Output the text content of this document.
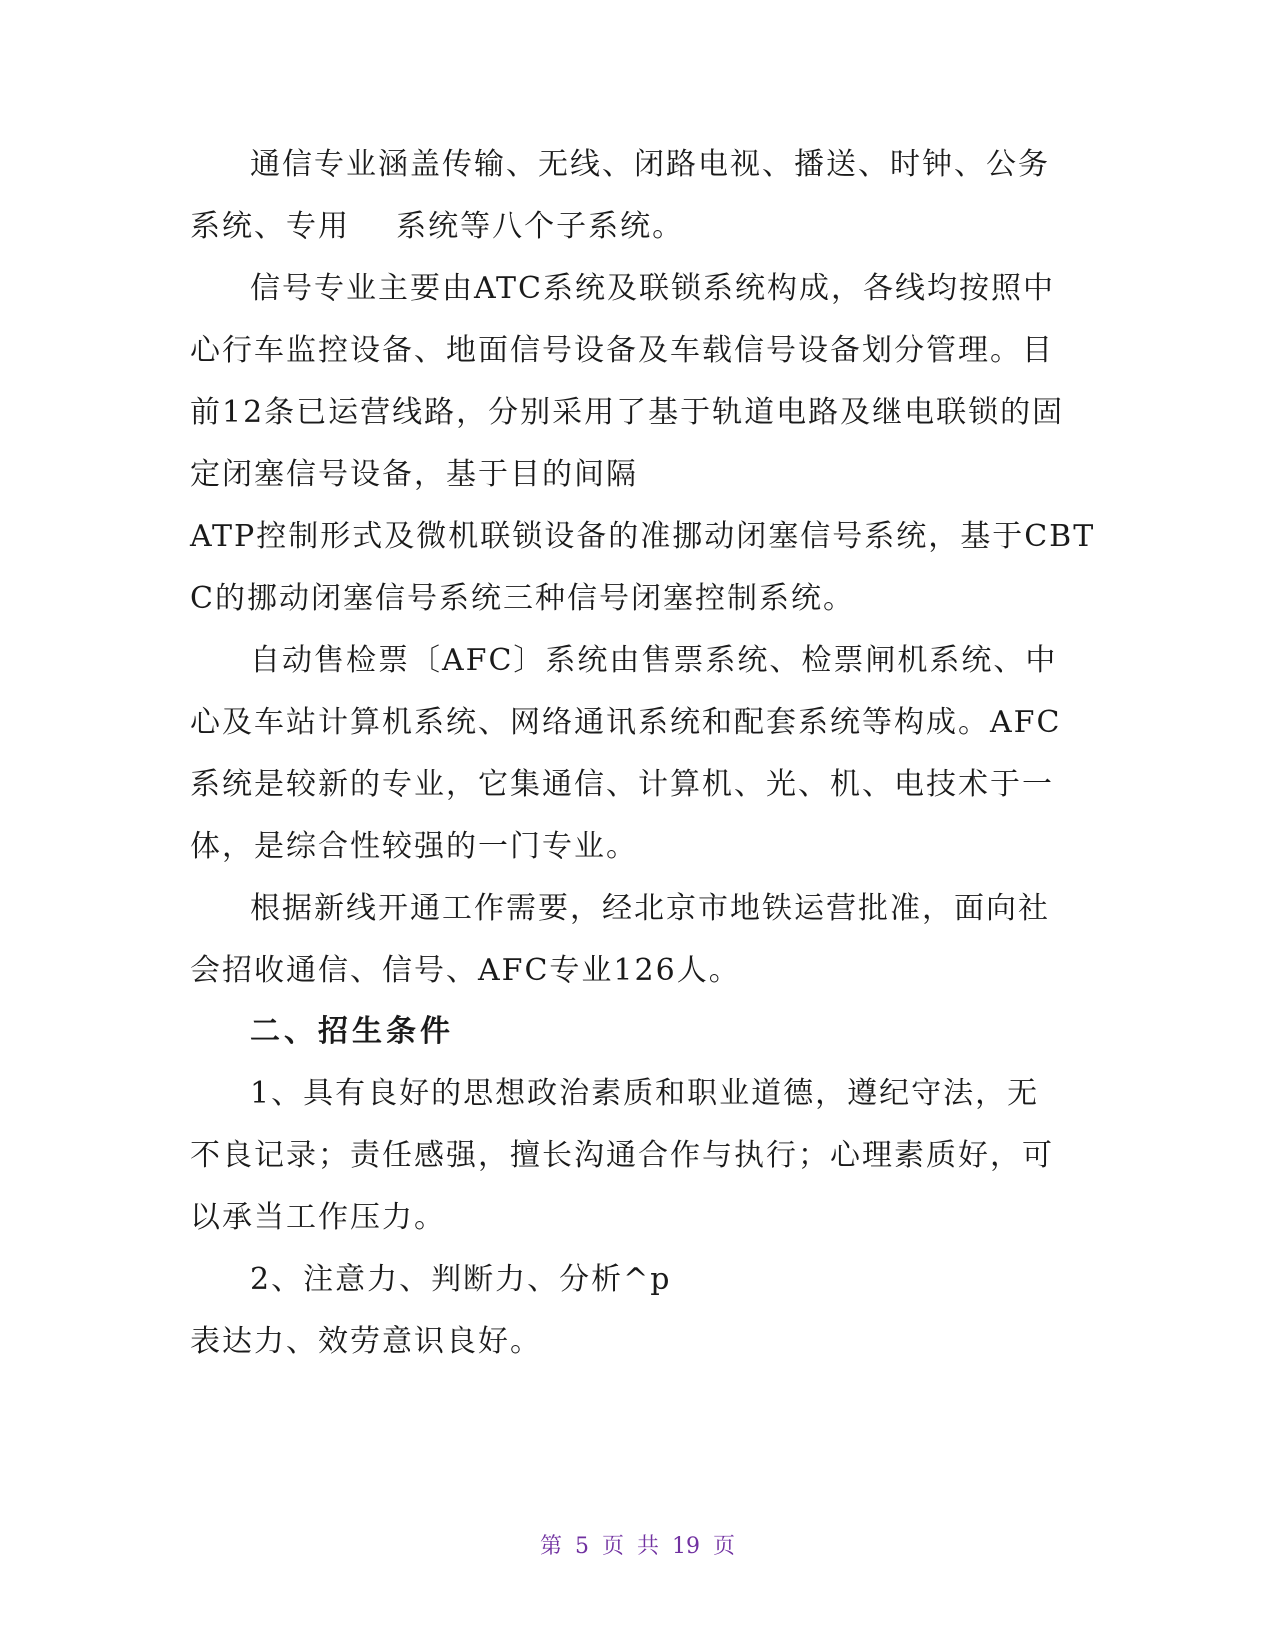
通信专业涵盖传输、无线、闭路电视、播送、时钟、公务
系统、专用    系统等八个子系统。
信号专业主要由ATC系统及联锁系统构成，各线均按照中
心行车监控设备、地面信号设备及车载信号设备划分管理。目
前12条已运营线路，分别采用了基于轨道电路及继电联锁的固
定闭塞信号设备，基于目的间隔
ATP控制形式及微机联锁设备的准挪动闭塞信号系统，基于CBT
C的挪动闭塞信号系统三种信号闭塞控制系统。
自动售检票〔AFC〕系统由售票系统、检票闸机系统、中
心及车站计算机系统、网络通讯系统和配套系统等构成。AFC
系统是较新的专业，它集通信、计算机、光、机、电技术于一
体，是综合性较强的一门专业。
根据新线开通工作需要，经北京市地铁运营批准，面向社
会招收通信、信号、AFC专业126人。
二、招生条件
1、具有良好的思想政治素质和职业道德，遵纪守法，无
不良记录；责任感强，擅长沟通合作与执行；心理素质好，可
以承当工作压力。
2、注意力、判断力、分析^p
表达力、效劳意识良好。
第 5 页 共 19 页
